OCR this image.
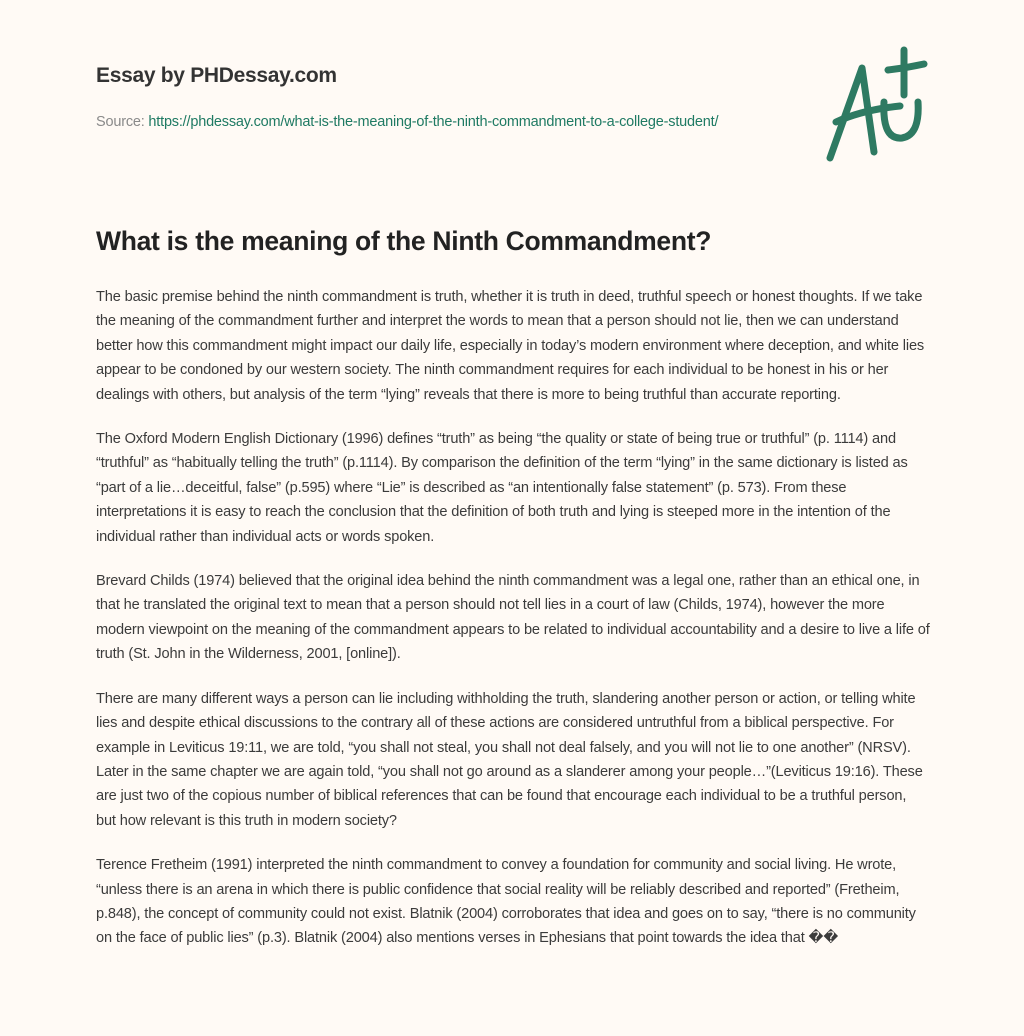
Essay by PHDessay.com
Source: https://phdessay.com/what-is-the-meaning-of-the-ninth-commandment-to-a-college-student/
What is the meaning of the Ninth Commandment?

The basic premise behind the ninth commandment is truth, whether it is truth in deed, truthful speech or honest thoughts. If we take the meaning of the commandment further and interpret the words to mean that a person should not lie, then we can understand better how this commandment might impact our daily life, especially in today’s modern environment where deception, and white lies appear to be condoned by our western society. The ninth commandment requires for each individual to be honest in his or her dealings with others, but analysis of the term “lying” reveals that there is more to being truthful than accurate reporting.

The Oxford Modern English Dictionary (1996) defines “truth” as being “the quality or state of being true or truthful” (p. 1114) and “truthful” as “habitually telling the truth” (p.1114). By comparison the definition of the term “lying” in the same dictionary is listed as “part of a lie…deceitful, false” (p.595) where “Lie” is described as “an intentionally false statement” (p. 573). From these interpretations it is easy to reach the conclusion that the definition of both truth and lying is steeped more in the intention of the individual rather than individual acts or words spoken.

Brevard Childs (1974) believed that the original idea behind the ninth commandment was a legal one, rather than an ethical one, in that he translated the original text to mean that a person should not tell lies in a court of law (Childs, 1974), however the more modern viewpoint on the meaning of the commandment appears to be related to individual accountability and a desire to live a life of truth (St. John in the Wilderness, 2001, [online]).

There are many different ways a person can lie including withholding the truth, slandering another person or action, or telling white lies and despite ethical discussions to the contrary all of these actions are considered untruthful from a biblical perspective. For example in Leviticus 19:11, we are told, “you shall not steal, you shall not deal falsely, and you will not lie to one another” (NRSV). Later in the same chapter we are again told, “you shall not go around as a slanderer among your people…”(Leviticus 19:16). These are just two of the copious number of biblical references that can be found that encourage each individual to be a truthful person, but how relevant is this truth in modern society?

Terence Fretheim (1991) interpreted the ninth commandment to convey a foundation for community and social living. He wrote, “unless there is an arena in which there is public confidence that social reality will be reliably described and reported” (Fretheim, p.848), the concept of community could not exist. Blatnik (2004) corroborates that idea and goes on to say, “there is no community on the face of public lies” (p.3). Blatnik (2004) also mentions verses in Ephesians that point towards the idea that ��
